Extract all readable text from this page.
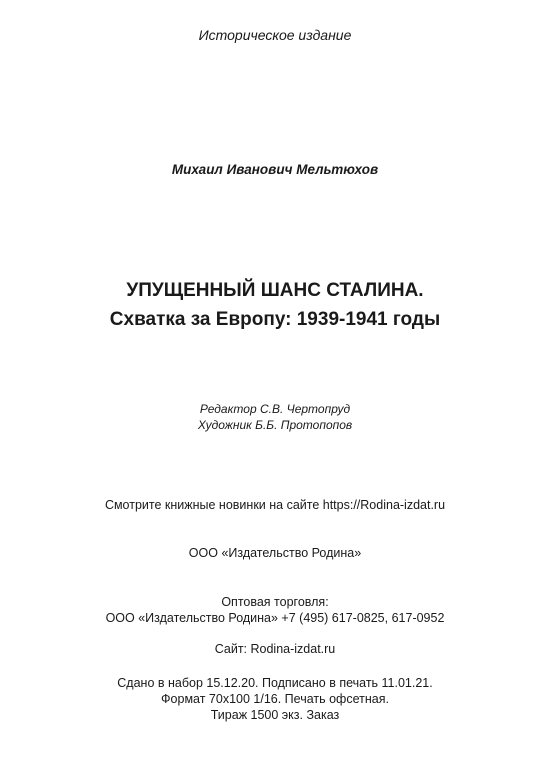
Историческое издание
Михаил Иванович Мельтюхов
УПУЩЕННЫЙ ШАНС СТАЛИНА.
Схватка за Европу: 1939-1941 годы
Редактор С.В. Чертопруд
Художник Б.Б. Протопопов
Смотрите книжные новинки на сайте https://Rodina-izdat.ru
ООО «Издательство Родина»
Оптовая торговля:
ООО «Издательство Родина» +7 (495) 617-0825, 617-0952
Сайт: Rodina-izdat.ru
Сдано в набор 15.12.20. Подписано в печать 11.01.21.
Формат 70x100 1/16. Печать офсетная.
Тираж 1500 экз. Заказ
